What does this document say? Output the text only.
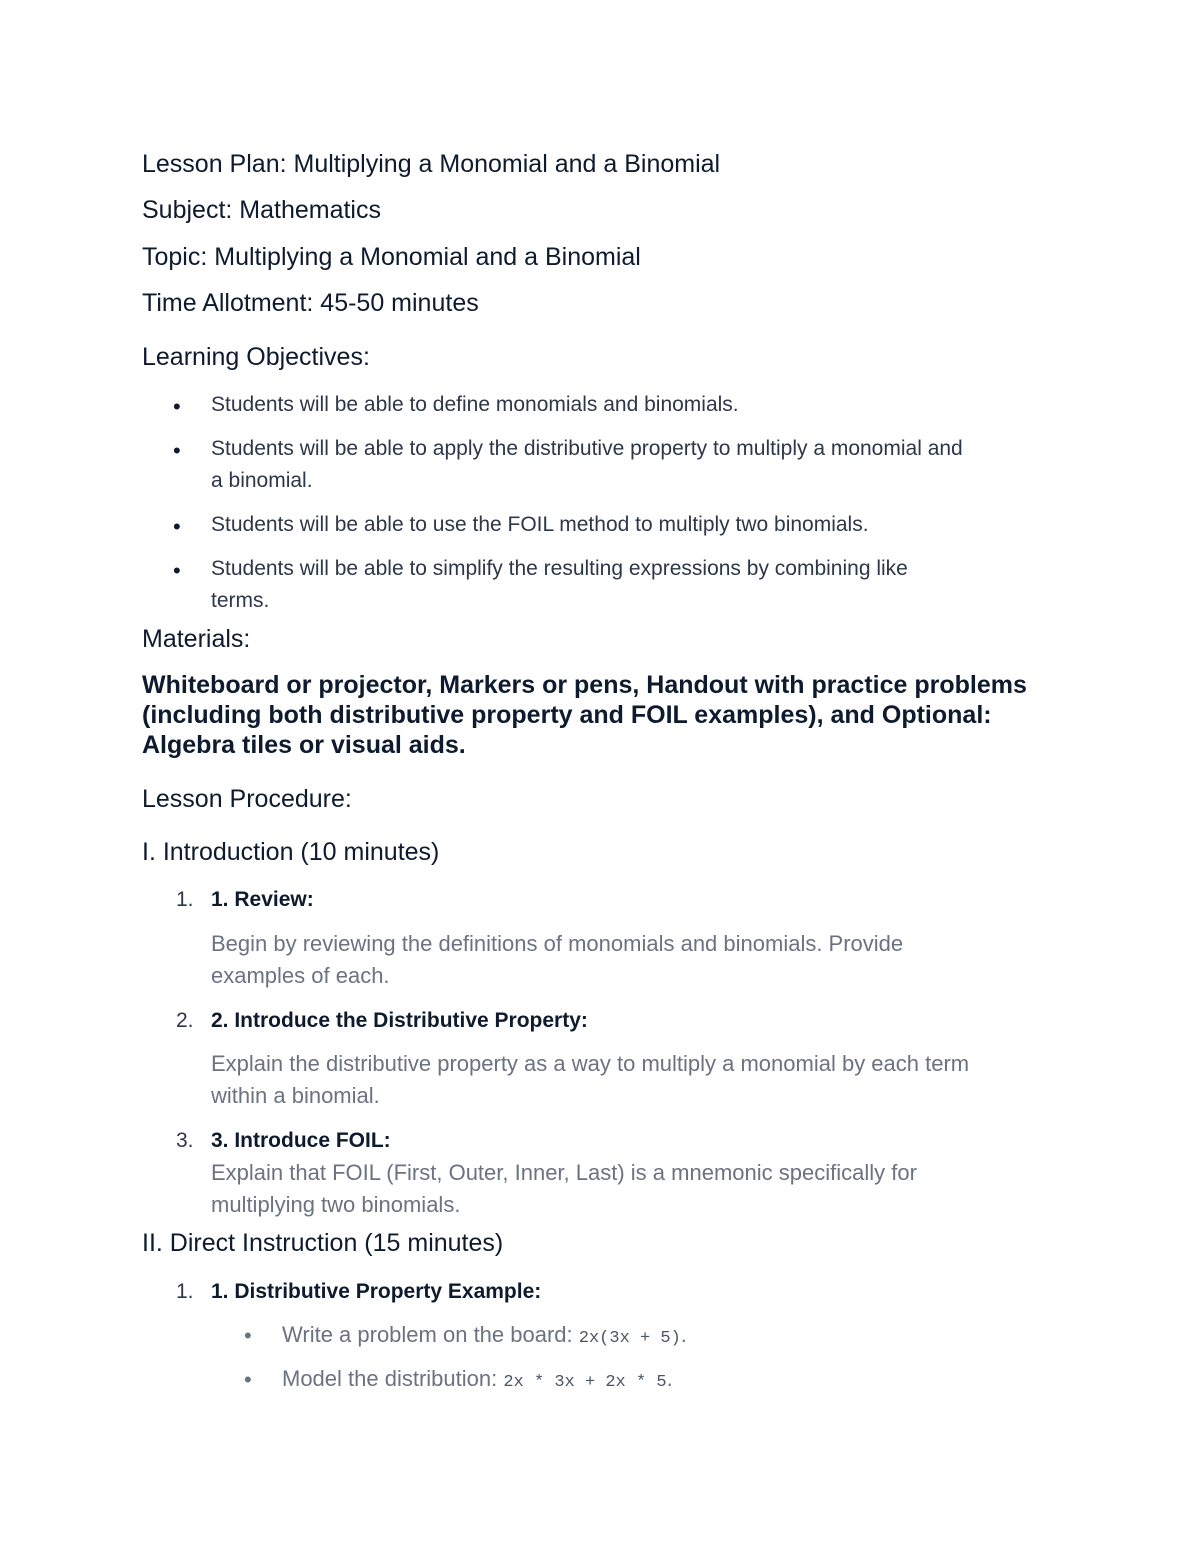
Lesson Plan: Multiplying a Monomial and a Binomial

Subject: Mathematics

Topic: Multiplying a Monomial and a Binomial

Time Allotment: 45-50 minutes

Learning Objectives:

• Students will be able to define monomials and binomials.

• Students will be able to apply the distributive property to multiply a monomial and

a binomial.

• Students will be able to use the FOIL method to multiply two binomials.

• Students will be able to simplify the resulting expressions by combining like

terms.

Materials:

Whiteboard or projector, Markers or pens, Handout with practice problems

(including both distributive property and FOIL examples), and Optional:

Algebra tiles or visual aids.

Lesson Procedure:

I. Introduction (10 minutes)

1. 1. Review:

Begin by reviewing the definitions of monomials and binomials. Provide

examples of each.

2. 2. Introduce the Distributive Property:

Explain the distributive property as a way to multiply a monomial by each term

within a binomial.

3. 3. Introduce FOIL:

Explain that FOIL (First, Outer, Inner, Last) is a mnemonic specifically for

multiplying two binomials.

II. Direct Instruction (15 minutes)

1. 1. Distributive Property Example:

• Write a problem on the board: 2x(3x + 5).

• Model the distribution: 2x * 3x + 2x * 5.
